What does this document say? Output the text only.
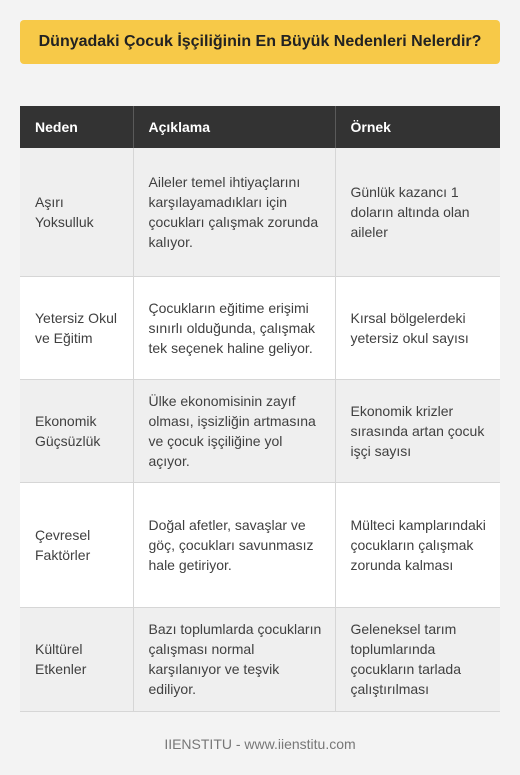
Dünyadaki Çocuk İşçiliğinin En Büyük Nedenleri Nelerdir?
Neden	Açıklama	Örnek
Aşırı Yoksulluk	Aileler temel ihtiyaçlarını karşılayamadıkları için çocukları çalışmak zorunda kalıyor.	Günlük kazancı 1 doların altında olan aileler
Yetersiz Okul ve Eğitim	Çocukların eğitime erişimi sınırlı olduğunda, çalışmak tek seçenek haline geliyor.	Kırsal bölgelerdeki yetersiz okul sayısı
Ekonomik Güçsüzlük	Ülke ekonomisinin zayıf olması, işsizliğin artmasına ve çocuk işçiliğine yol açıyor.	Ekonomik krizler sırasında artan çocuk işçi sayısı
Çevresel Faktörler	Doğal afetler, savaşlar ve göç, çocukları savunmasız hale getiriyor.	Mülteci kamplarındaki çocukların çalışmak zorunda kalması
Kültürel Etkenler	Bazı toplumlarda çocukların çalışması normal karşılanıyor ve teşvik ediliyor.	Geleneksel tarım toplumlarında çocukların tarlada çalıştırılması
IIENSTITU - www.iienstitu.com
